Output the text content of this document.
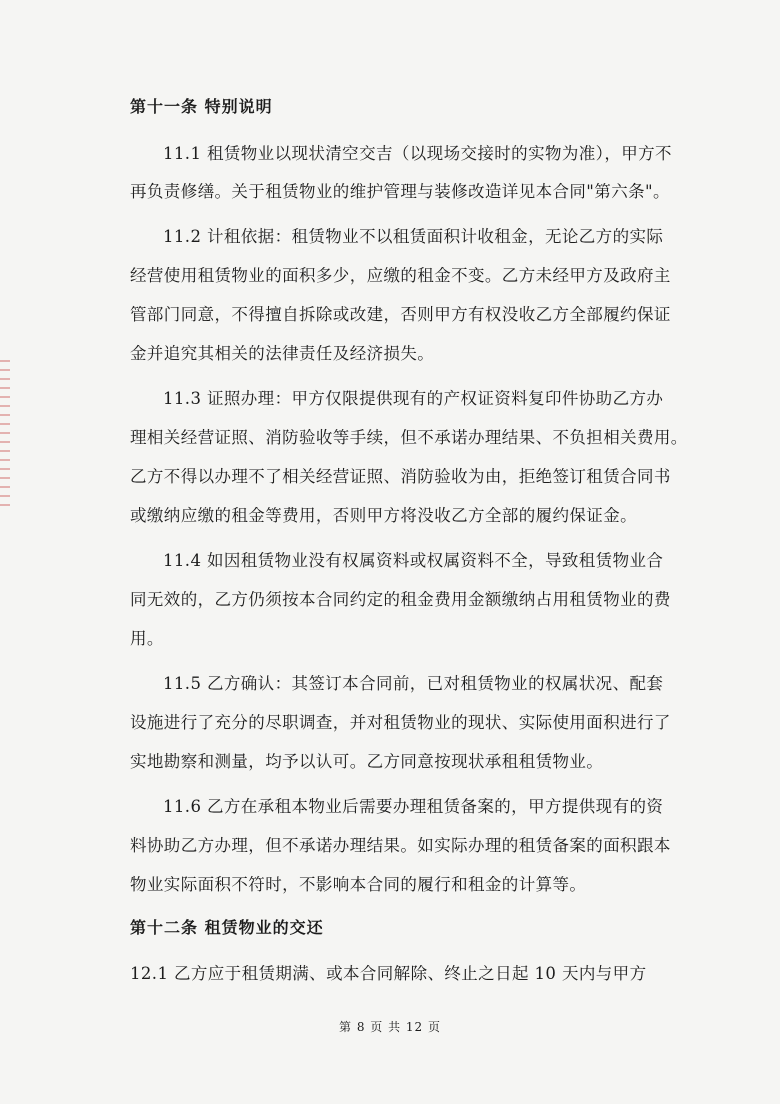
第十一条 特别说明
11.1 租赁物业以现状清空交吉（以现场交接时的实物为准），甲方不
再负责修缮。关于租赁物业的维护管理与装修改造详见本合同"第六条"。
11.2 计租依据：租赁物业不以租赁面积计收租金，无论乙方的实际
经营使用租赁物业的面积多少，应缴的租金不变。乙方未经甲方及政府主
管部门同意，不得擅自拆除或改建，否则甲方有权没收乙方全部履约保证
金并追究其相关的法律责任及经济损失。
11.3 证照办理：甲方仅限提供现有的产权证资料复印件协助乙方办
理相关经营证照、消防验收等手续，但不承诺办理结果、不负担相关费用。
乙方不得以办理不了相关经营证照、消防验收为由，拒绝签订租赁合同书
或缴纳应缴的租金等费用，否则甲方将没收乙方全部的履约保证金。
11.4 如因租赁物业没有权属资料或权属资料不全，导致租赁物业合
同无效的，乙方仍须按本合同约定的租金费用金额缴纳占用租赁物业的费
用。
11.5 乙方确认：其签订本合同前，已对租赁物业的权属状况、配套
设施进行了充分的尽职调查，并对租赁物业的现状、实际使用面积进行了
实地勘察和测量，均予以认可。乙方同意按现状承租租赁物业。
11.6 乙方在承租本物业后需要办理租赁备案的，甲方提供现有的资
料协助乙方办理，但不承诺办理结果。如实际办理的租赁备案的面积跟本
物业实际面积不符时，不影响本合同的履行和租金的计算等。
第十二条 租赁物业的交还
12.1 乙方应于租赁期满、或本合同解除、终止之日起 10 天内与甲方
第 8 页 共 12 页
